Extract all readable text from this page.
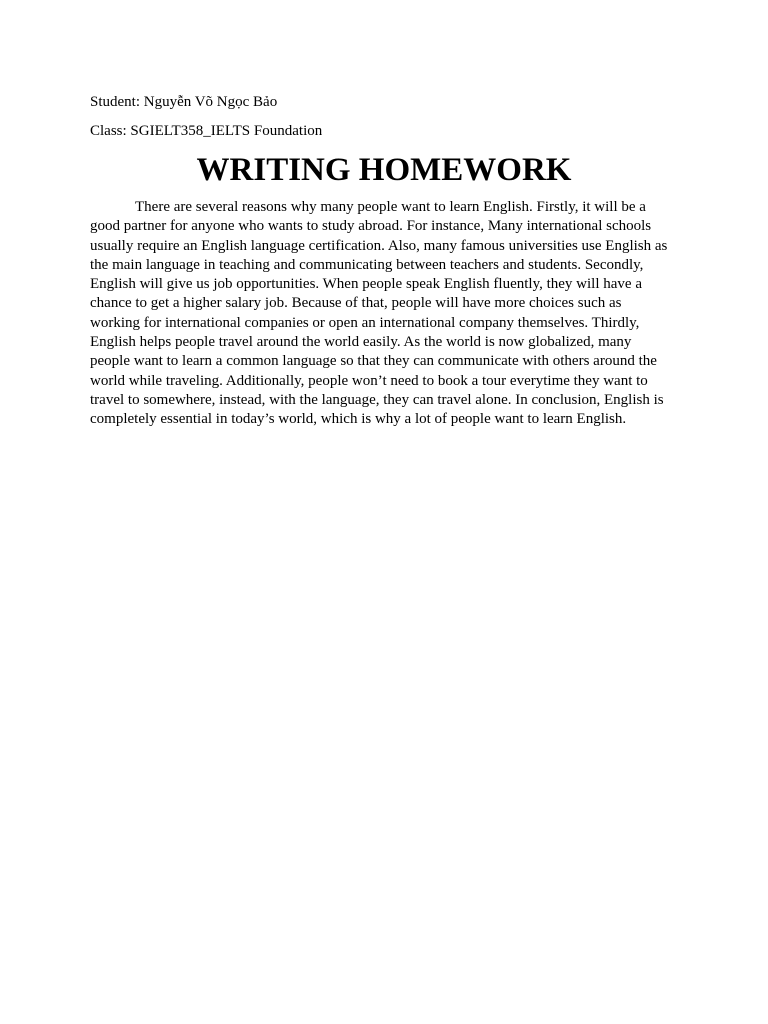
Student: Nguyễn Võ Ngọc Bảo

Class: SGIELT358_IELTS Foundation

WRITING HOMEWORK

There are several reasons why many people want to learn English. Firstly, it will be a good partner for anyone who wants to study abroad. For instance, Many international schools usually require an English language certification. Also, many famous universities use English as the main language in teaching and communicating between teachers and students. Secondly, English will give us job opportunities. When people speak English fluently, they will have a chance to get a higher salary job. Because of that, people will have more choices such as working for international companies or open an international company themselves. Thirdly, English helps people travel around the world easily. As the world is now globalized, many people want to learn a common language so that they can communicate with others around the world while traveling. Additionally, people won’t need to book a tour everytime they want to travel to somewhere, instead, with the language, they can travel alone. In conclusion, English is completely essential in today’s world, which is why a lot of people want to learn English.
